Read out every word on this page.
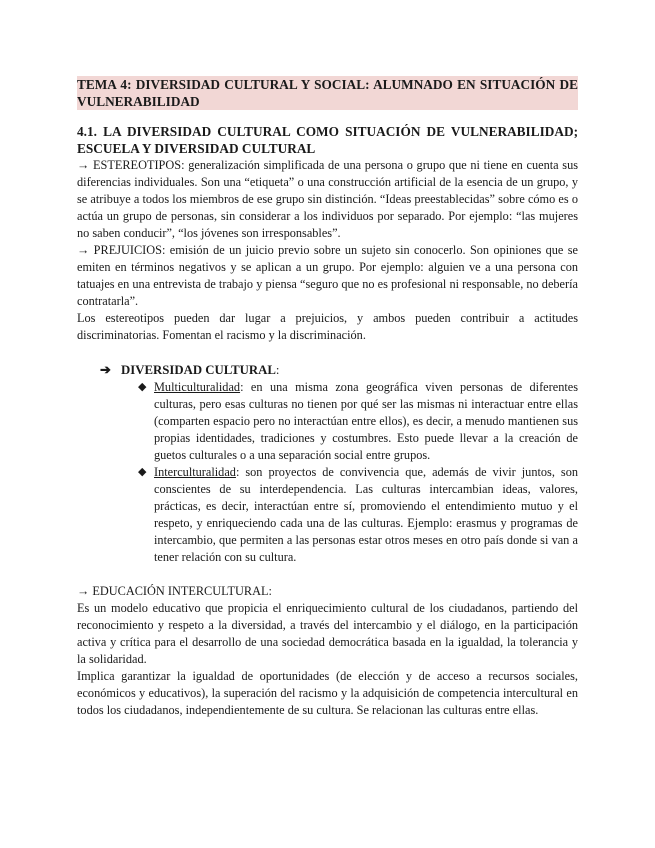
TEMA 4: DIVERSIDAD CULTURAL Y SOCIAL: ALUMNADO EN SITUACIÓN DE VULNERABILIDAD
4.1. LA DIVERSIDAD CULTURAL COMO SITUACIÓN DE VULNERABILIDAD; ESCUELA Y DIVERSIDAD CULTURAL

→ ESTEREOTIPOS: generalización simplificada de una persona o grupo que ni tiene en cuenta sus diferencias individuales. Son una “etiqueta” o una construcción artificial de la esencia de un grupo, y se atribuye a todos los miembros de ese grupo sin distinción. “Ideas preestablecidas” sobre cómo es o actúa un grupo de personas, sin considerar a los individuos por separado. Por ejemplo: “las mujeres no saben conducir”, “los jóvenes son irresponsables”.

→ PREJUICIOS: emisión de un juicio previo sobre un sujeto sin conocerlo. Son opiniones que se emiten en términos negativos y se aplican a un grupo. Por ejemplo: alguien ve a una persona con tatuajes en una entrevista de trabajo y piensa “seguro que no es profesional ni responsable, no debería contratarla”.

Los estereotipos pueden dar lugar a prejuicios, y ambos pueden contribuir a actitudes discriminatorias. Fomentan el racismo y la discriminación.

➔ DIVERSIDAD CULTURAL:
◆ Multiculturalidad: en una misma zona geográfica viven personas de diferentes culturas, pero esas culturas no tienen por qué ser las mismas ni interactuar entre ellas (comparten espacio pero no interactúan entre ellos), es decir, a menudo mantienen sus propias identidades, tradiciones y costumbres. Esto puede llevar a la creación de guetos culturales o a una separación social entre grupos.

◆ Interculturalidad: son proyectos de convivencia que, además de vivir juntos, son conscientes de su interdependencia. Las culturas intercambian ideas, valores, prácticas, es decir, interactúan entre sí, promoviendo el entendimiento mutuo y el respeto, y enriqueciendo cada una de las culturas. Ejemplo: erasmus y programas de intercambio, que permiten a las personas estar otros meses en otro país donde si van a tener relación con su cultura.

→ EDUCACIÓN INTERCULTURAL:

Es un modelo educativo que propicia el enriquecimiento cultural de los ciudadanos, partiendo del reconocimiento y respeto a la diversidad, a través del intercambio y el diálogo, en la participación activa y crítica para el desarrollo de una sociedad democrática basada en la igualdad, la tolerancia y la solidaridad.

Implica garantizar la igualdad de oportunidades (de elección y de acceso a recursos sociales, económicos y educativos), la superación del racismo y la adquisición de competencia intercultural en todos los ciudadanos, independientemente de su cultura. Se relacionan las culturas entre ellas.
